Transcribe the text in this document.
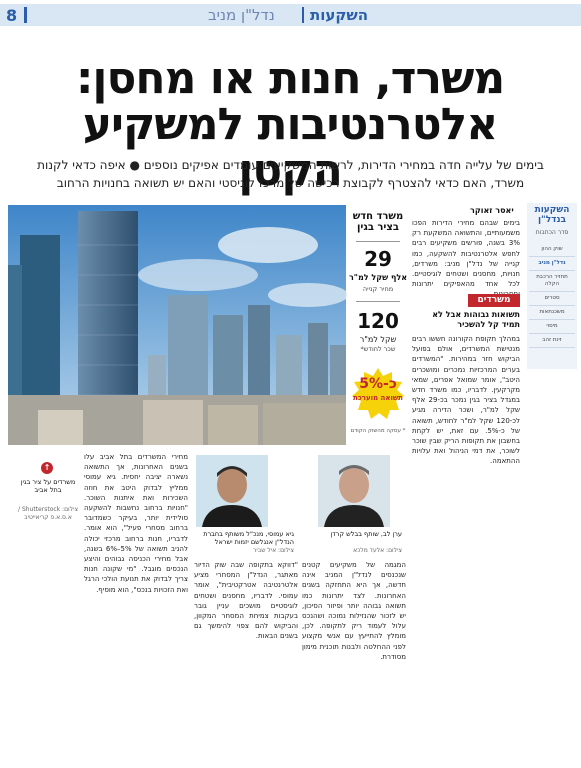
8	נדל"ן מניב השקעות
משרד, חנות או מחסן: אלטרנטיבות למשקיע הקטן
בימים של עלייה חדה במחירי הדירות, לרשות המשקיעים עומדים אפיקים נוספים ● איפה כדאי לקנות
משרד, האם כדאי להצטרף לקבוצת רכישה של מרכז לוגיסטי והאם יש תשואה בחנויות הרחוב
השקעות בנדל"ן
סדר הכתבות
שוק ההון
נדל"ן מניב
תחזיר הרכבת הקלה
סטרים
משכנתאות
מיסוי
זינת זהב
יאסר זאוקר
בימים שבהם מחירי הדירות הפכו משמעותיים, והתשואה המשקעת רק 3% בשנה, פורשים משקיעים רבים לחפש אלטרנטיבות להשקעה, כמו קנייה של נדל"ן מניב: משרדים, חנויות, מחסנים ושטחים לוגיסטיים. לכל אחד מהאפיקים יתרונות
משרדים
תשואות גבוהות אבל לא תמיד קל להשכיר
במהלך תקופת הקורונה חששו רבים מנטישת המשרדים, אולם בפועל הביקוש חזר במהירות. "המשרדים בערים המרכזיות נמכרים ומושכרים היטב", אומר שמואל אפרים, שמאי מקרקעין. לדבריו, כמו משרד חדש במגדל בציר בגין נמכר בכ-29 אלף שקל למ"ר, ושכר הדירה מגיע לכ-120 שקל למ"ר לחודש, תשואה של כ-5%. עם זאת, יש לקחת בחשבון את תקופות הריק שבין שוכר לשוכר, את דמי הניהול ואת עלויות ההתאמה.
משרד חדש בציר בגין
29
אלף שקל למ"ר
מחיר קנייה
120
שקל למ"ר
שכר לחודש*
כ-5%
תשואה מוערכת
* עסקה מהשוק הקודם
↑
משרדים על ציר בגין בתל אביב
צילום: Shutterstock / א.ס.א.פ קריאייטיב
מחירי המשרדים בתל אביב עלו בשנים האחרונות, אך התשואה נשארה יציבה יחסית. גיא עמוסי ממליץ לבדוק היטב את חוזה השכירות ואת איתנות השוכר. "חנויות ברחוב נחשבות להשקעה סולידית יותר, בעיקר כשמדובר ברחוב מסחרי פעיל", הוא אומר. לדבריו, חנות ברחוב מרכזי יכולה להניב תשואה של 5%–6% בשנה, אבל מחירי הכניסה גבוהים והיצע הנכסים מוגבל. "מי שקונה חנות צריך לבדוק את תנועת הולכי הרגל ואת הזכויות בנכס", הוא מוסיף.
גיא עמוסי, מנכ"ל משותף בחברת הנדל"ן אנגלשם יזמות ישראל
צילום: איל שביר
ערן לב, שותף בבלש קרדן
צילום: אלעד מלכא
המגמה של משקיעים קטנים שנכנסים לנדל"ן המניב אינה חדשה, אך היא התחזקה בשנים האחרונות. לצד יתרונות כמו תשואה גבוהה יותר ופיזור הסיכון, יש לזכור שהנזילות נמוכה ושהנכס עלול לעמוד ריק לתקופה. לכן, מומלץ להתייעץ עם אנשי מקצוע לפני ההחלטה ולבנות תוכנית מימון מסודרת.
"דווקא בתקופה שבה שוק הדיור מאתגר, הנדל"ן המסחרי מציע אלטרנטיבה אטרקטיבית", אומר עמוסי. לדבריו, מחסנים ושטחים לוגיסטיים מושכים עניין גובר בעקבות צמיחת המסחר המקוון, והביקוש להם צפוי להימשך גם בשנים הבאות.
